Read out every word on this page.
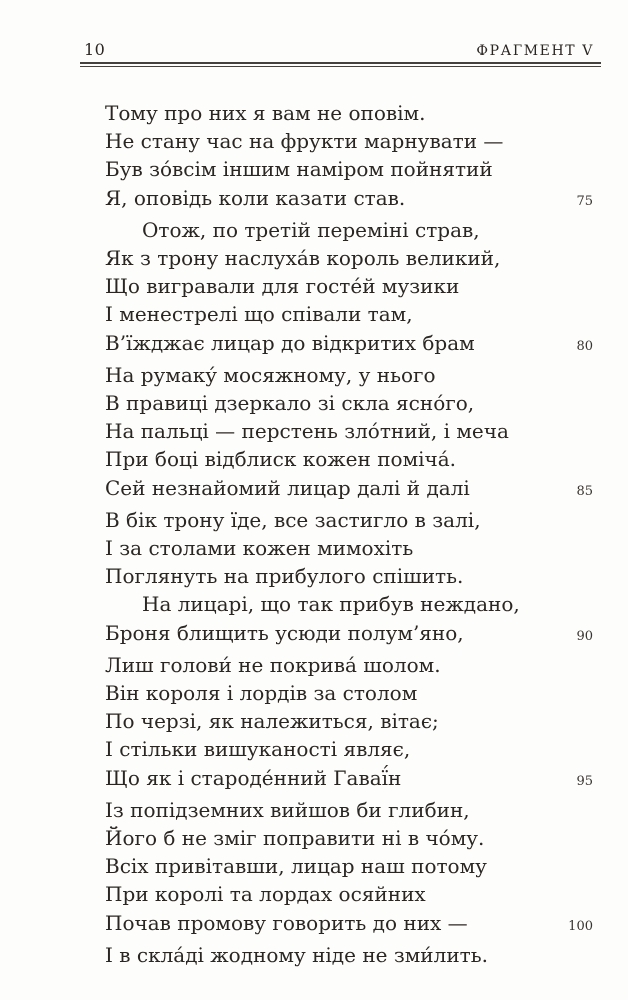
10	ФРАГМЕНТ V
Тому про них я вам не оповім.
Не стану час на фрукти марнувати —
Був зо́всім іншим наміром пойнятий
Я, оповідь коли казати став.	75
Отож, по третій переміні страв,
Як з трону наслуха́в король великий,
Що вигравали для госте́й музики
І менестрелі що співали там,
В’їжджає лицар до відкритих брам	80
На румаку́ мосяжному, у нього
В правиці дзеркало зі скла ясно́го,
На пальці — перстень зло́тний, і меча
При боці відблиск кожен поміча́.
Сей незнайомий лицар далі й далі	85
В бік трону їде, все застигло в залі,
І за столами кожен мимохіть
Поглянуть на прибулого спішить.
На лицарі, що так прибув неждано,
Броня блищить усюди полум’яно,	90
Лиш голови́ не покрива́ шолом.
Він короля і лордів за столом
По черзі, як належиться, вітає;
І стільки вишуканості являє,
Що як і староде́нний Гаваї́н	95
Із попідземних вийшов би глибин,
Його б не зміг поправити ні в чо́му.
Всіх привітавши, лицар наш потому
При королі та лордах осяйних
Почав промову говорить до них —	100
І в скла́ді жодному ніде не зми́лить.
